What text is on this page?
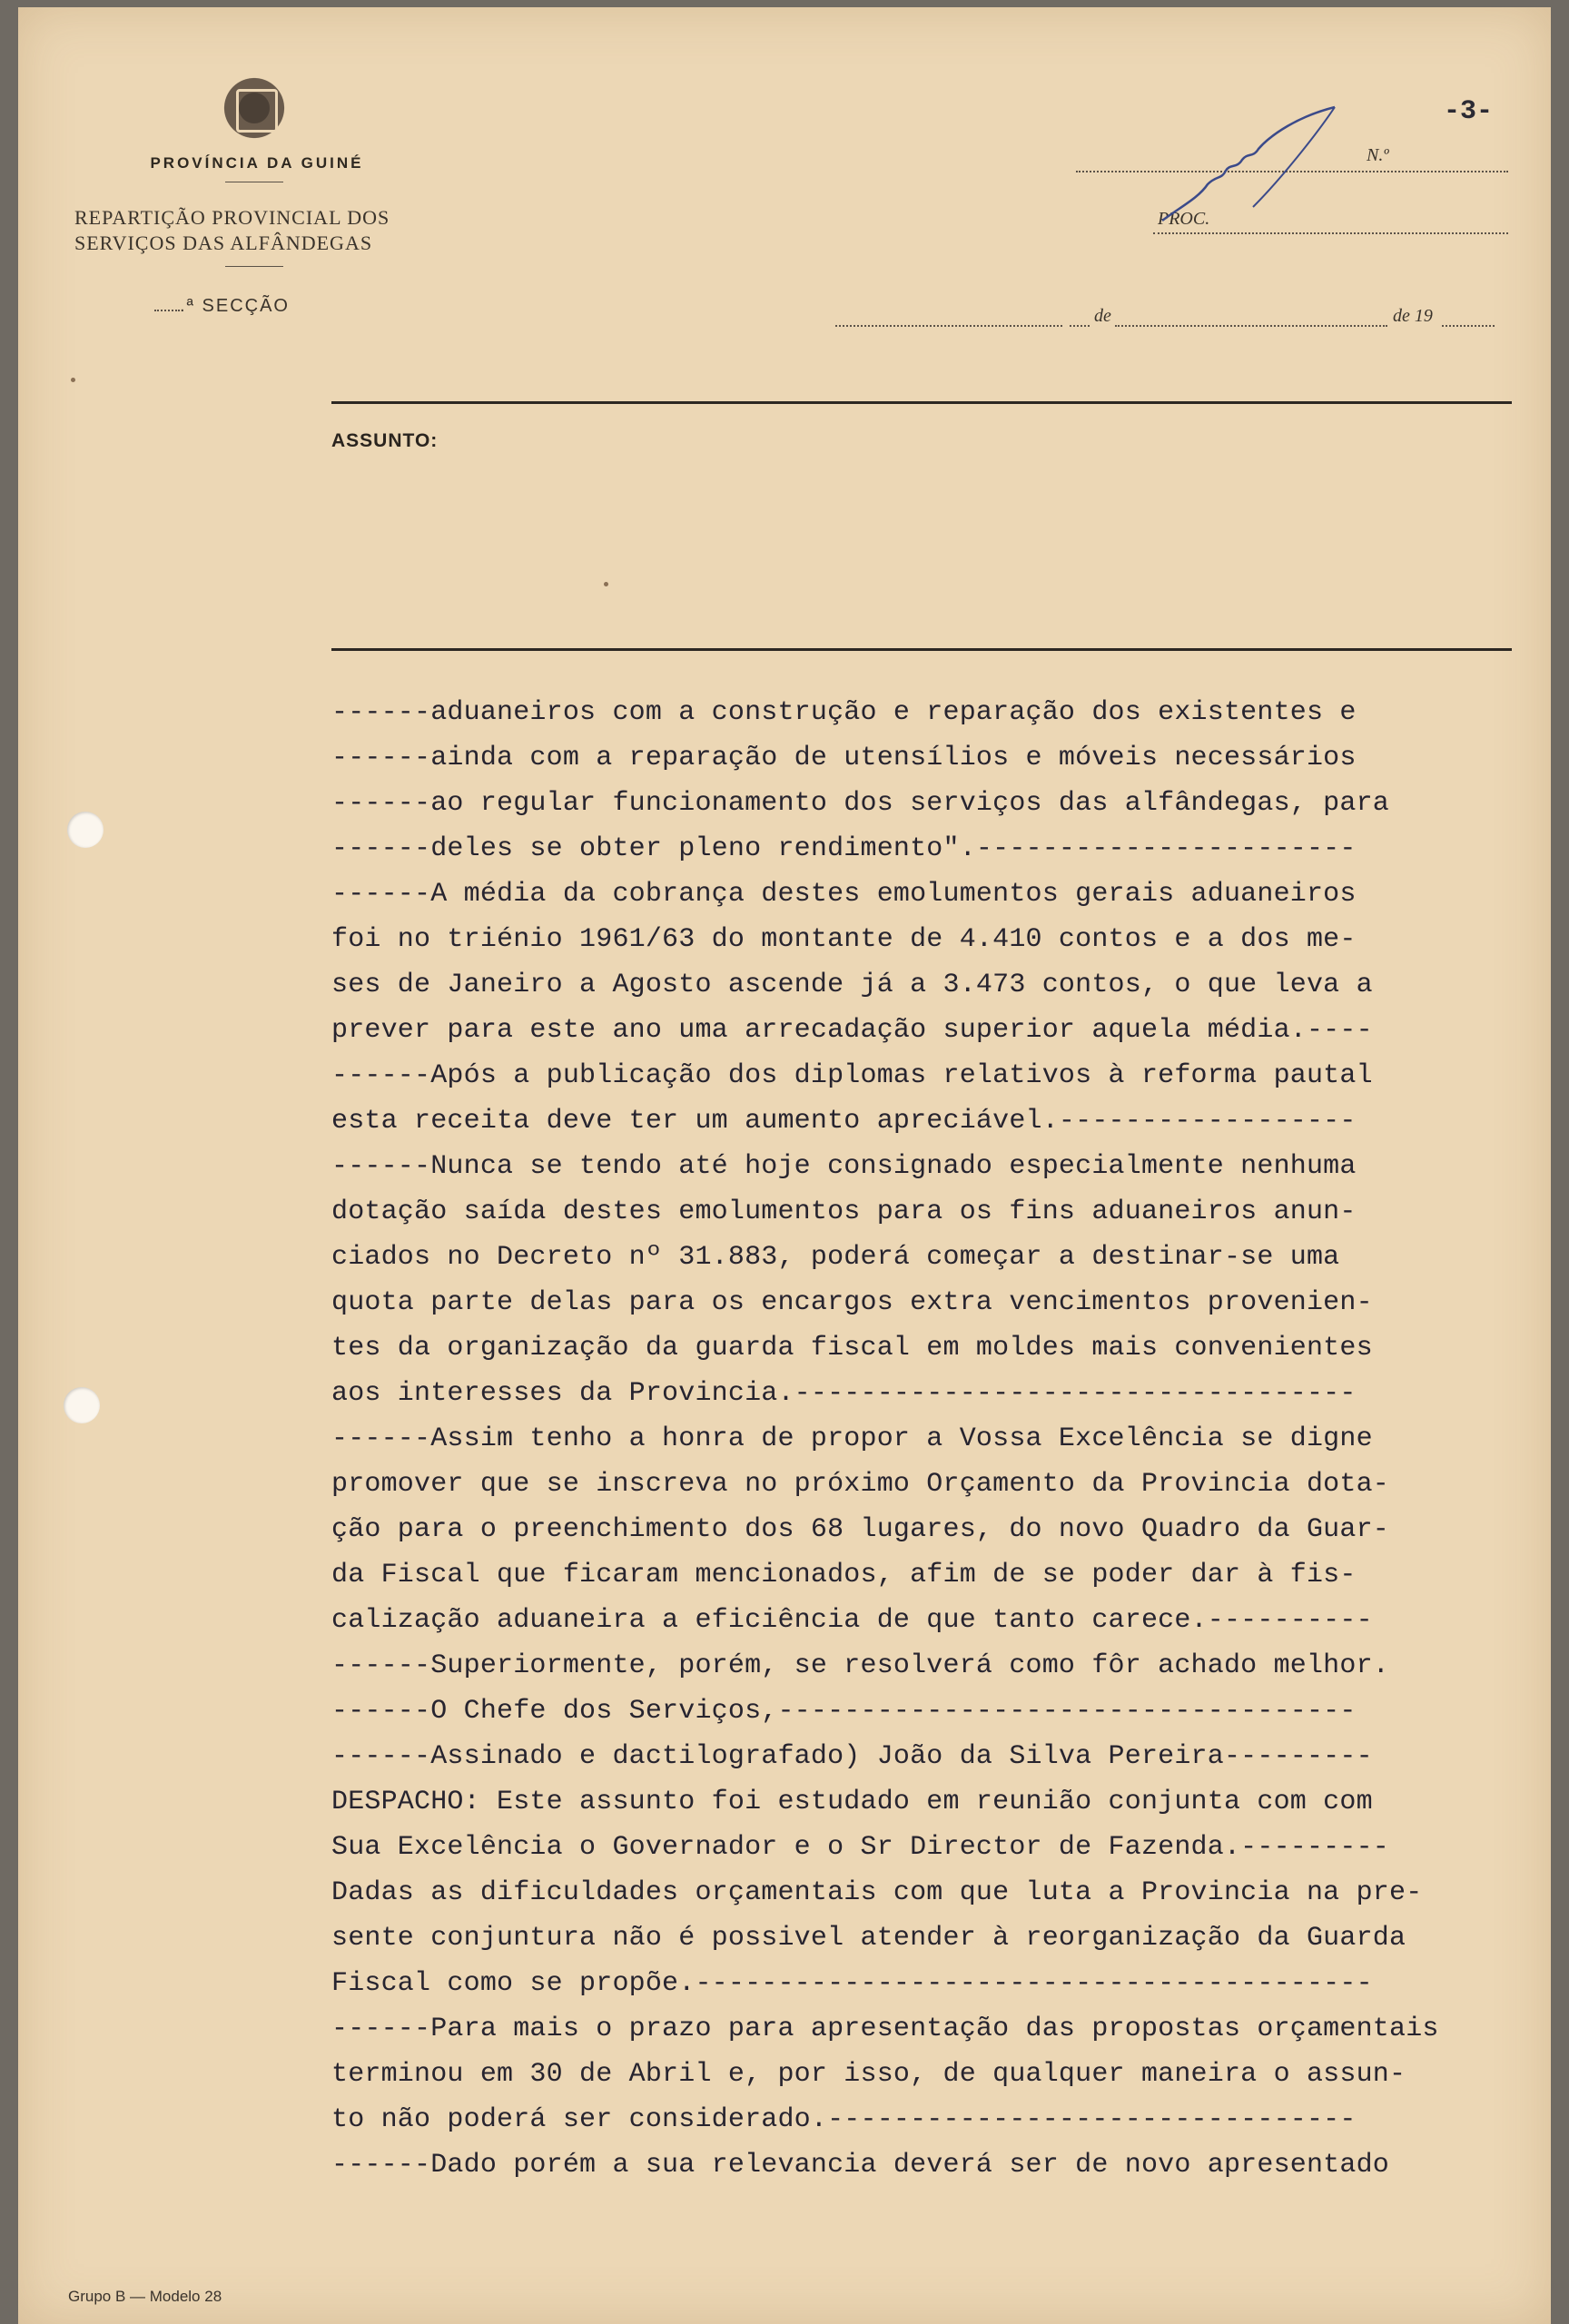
PROVÍNCIA DA GUINÉ
REPARTIÇÃO PROVINCIAL DOS
SERVIÇOS DAS ALFÂNDEGAS
.ª SECÇÃO
-3-
N.º
PROC.
de	de 19
ASSUNTO:
------aduaneiros com a construção e reparação dos existentes e
------ainda com a reparação de utensílios e móveis necessários
------ao regular funcionamento dos serviços das alfândegas, para
------deles se obter pleno rendimento".-----------------------
------A média da cobrança destes emolumentos gerais aduaneiros
foi no triénio 1961/63 do montante de 4.410 contos e a dos me-
ses de Janeiro a Agosto ascende já a 3.473 contos, o que leva a
prever para este ano uma arrecadação superior aquela média.----
------Após a publicação dos diplomas relativos à reforma pautal
esta receita deve ter um aumento apreciável.------------------
------Nunca se tendo até hoje consignado especialmente nenhuma
dotação saída destes emolumentos para os fins aduaneiros anun-
ciados no Decreto nº 31.883, poderá começar a destinar-se uma
quota parte delas para os encargos extra vencimentos provenien-
tes da organização da guarda fiscal em moldes mais convenientes
aos interesses da Provincia.----------------------------------
------Assim tenho a honra de propor a Vossa Excelência se digne
promover que se inscreva no próximo Orçamento da Provincia dota-
ção para o preenchimento dos 68 lugares, do novo Quadro da Guar-
da Fiscal que ficaram mencionados, afim de se poder dar à fis-
calização aduaneira a eficiência de que tanto carece.----------
------Superiormente, porém, se resolverá como fôr achado melhor.
------O Chefe dos Serviços,-----------------------------------
------Assinado e dactilografado) João da Silva Pereira---------
DESPACHO: Este assunto foi estudado em reunião conjunta com com
Sua Excelência o Governador e o Sr Director de Fazenda.---------
Dadas as dificuldades orçamentais com que luta a Provincia na pre-
sente conjuntura não é possivel atender à reorganização da Guarda
Fiscal como se propõe.-----------------------------------------
------Para mais o prazo para apresentação das propostas orçamentais
terminou em 30 de Abril e, por isso, de qualquer maneira o assun-
to não poderá ser considerado.--------------------------------
------Dado porém a sua relevancia deverá ser de novo apresentado
Grupo B — Modelo 28
